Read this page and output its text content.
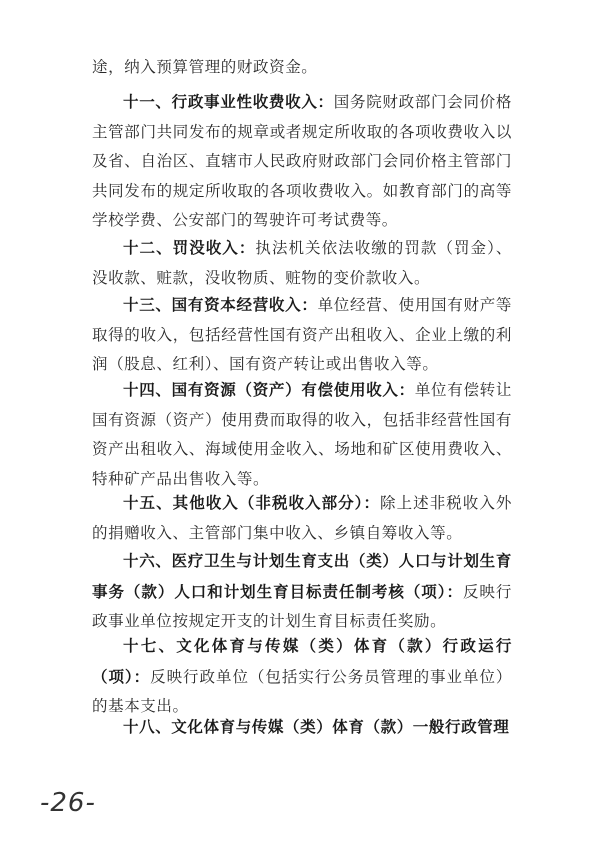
途，纳入预算管理的财政资金。

十一、行政事业性收费收入：国务院财政部门会同价格主管部门共同发布的规章或者规定所收取的各项收费收入以及省、自治区、直辖市人民政府财政部门会同价格主管部门共同发布的规定所收取的各项收费收入。如教育部门的高等学校学费、公安部门的驾驶许可考试费等。

十二、罚没收入：执法机关依法收缴的罚款（罚金）、没收款、赃款，没收物质、赃物的变价款收入。

十三、国有资本经营收入：单位经营、使用国有财产等取得的收入，包括经营性国有资产出租收入、企业上缴的利润（股息、红利）、国有资产转让或出售收入等。

十四、国有资源（资产）有偿使用收入：单位有偿转让国有资源（资产）使用费而取得的收入，包括非经营性国有资产出租收入、海域使用金收入、场地和矿区使用费收入、特种矿产品出售收入等。

十五、其他收入（非税收入部分）：除上述非税收入外的捐赠收入、主管部门集中收入、乡镇自筹收入等。

十六、医疗卫生与计划生育支出（类）人口与计划生育事务（款）人口和计划生育目标责任制考核（项）：反映行政事业单位按规定开支的计划生育目标责任奖励。

十七、文化体育与传媒（类）体育（款）行政运行（项）：反映行政单位（包括实行公务员管理的事业单位）的基本支出。

十八、文化体育与传媒（类）体育（款）一般行政管理

-26-
